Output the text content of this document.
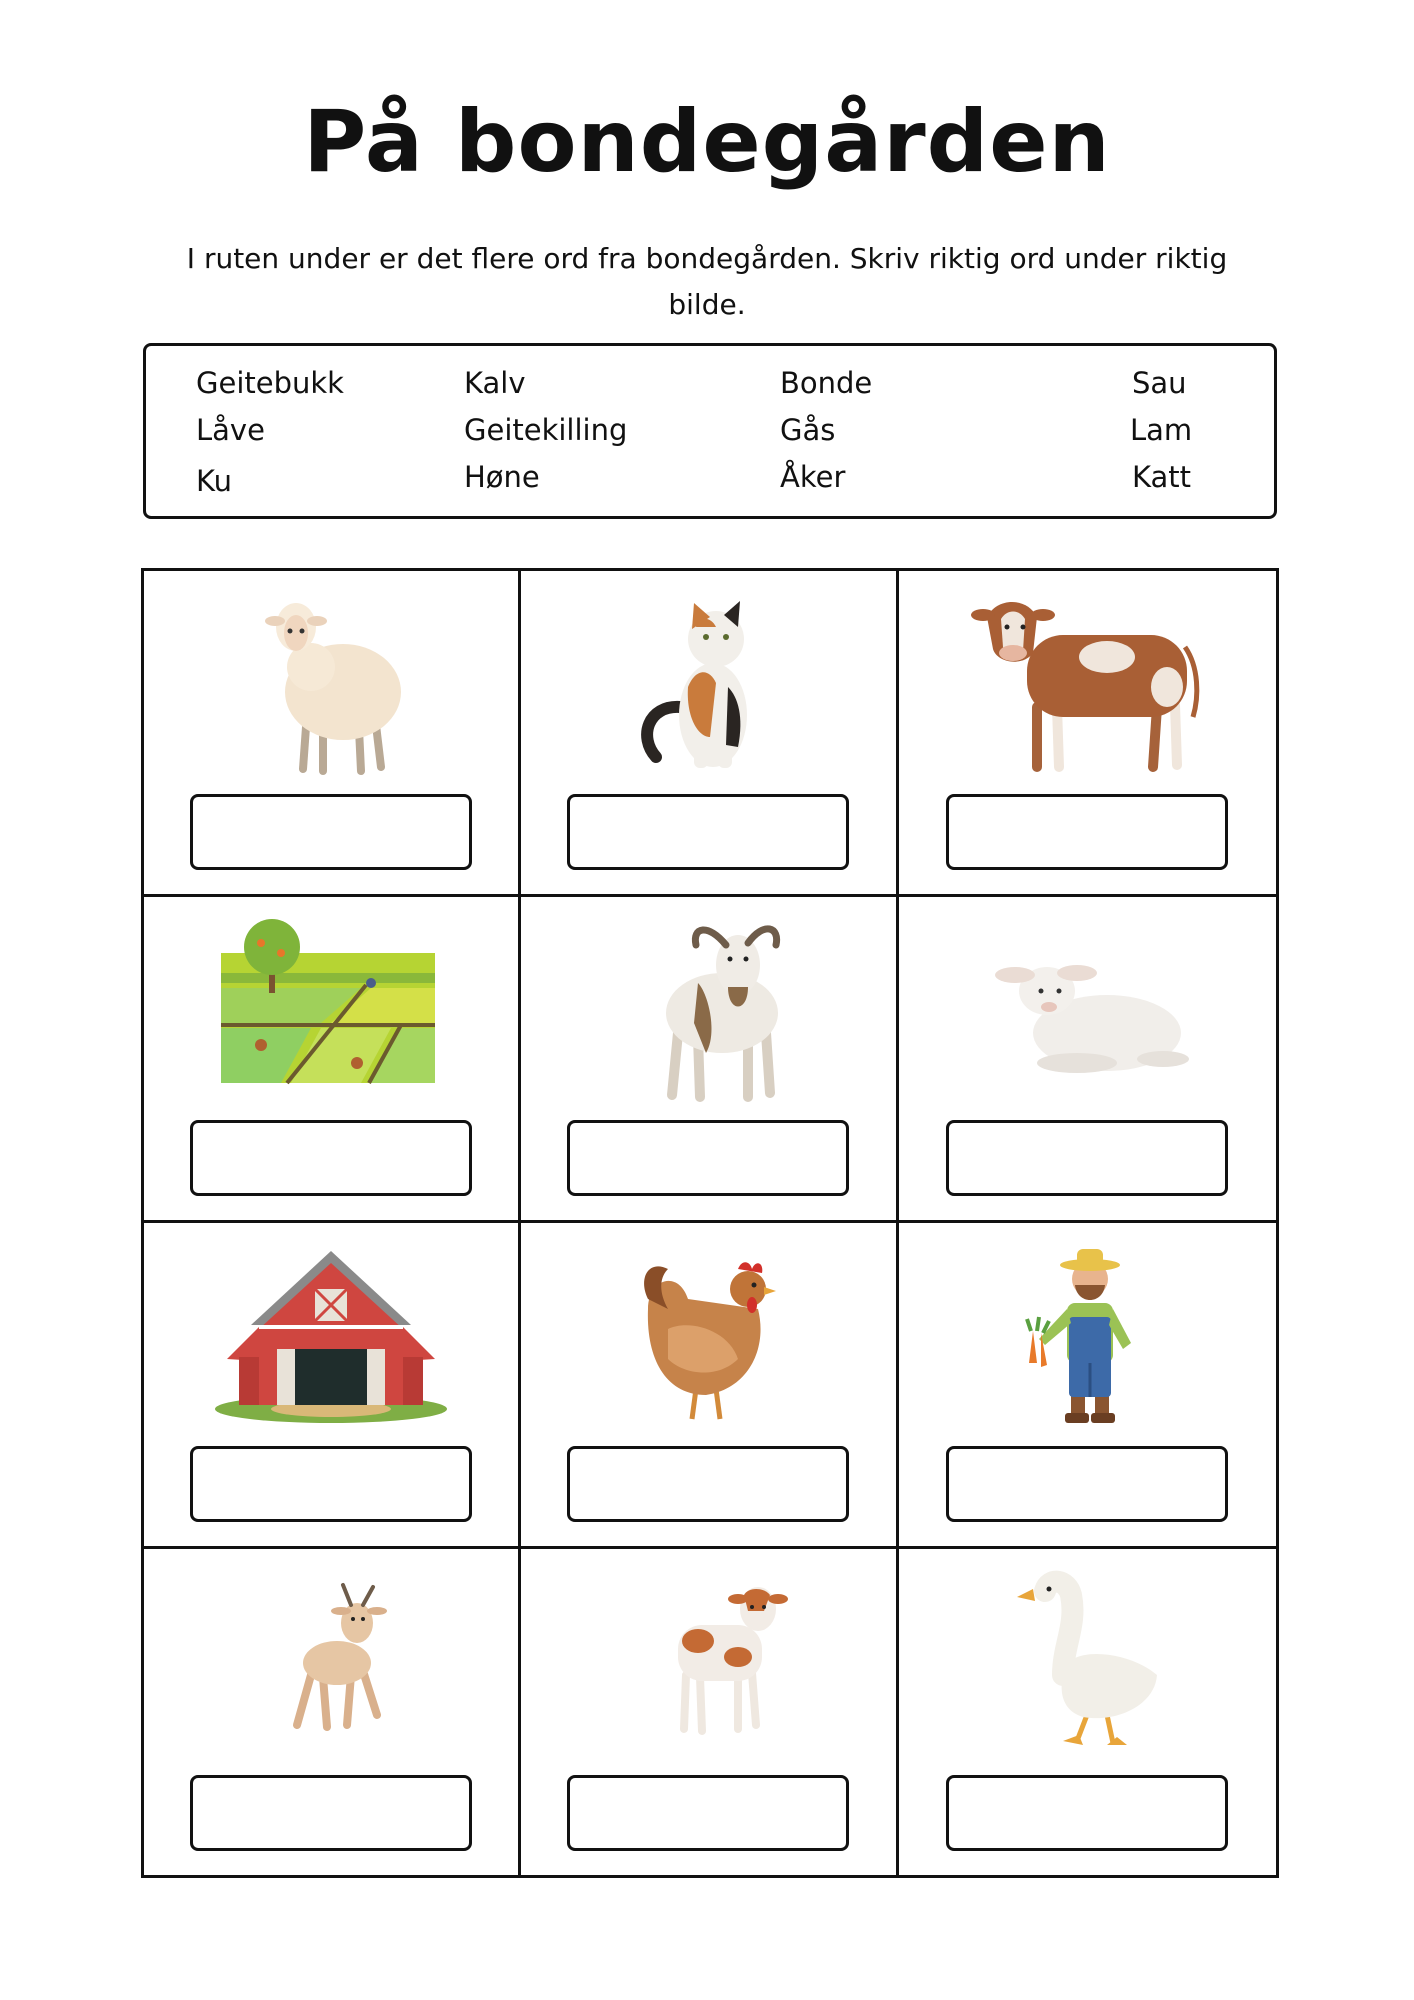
På bondegården

I ruten under er det flere ord fra bondegården. Skriv riktig ord under riktig bilde.

Geitebukk	Kalv	Bonde	Sau
Låve	Geitekilling	Gås	Lam
Ku	Høne	Åker	Katt
